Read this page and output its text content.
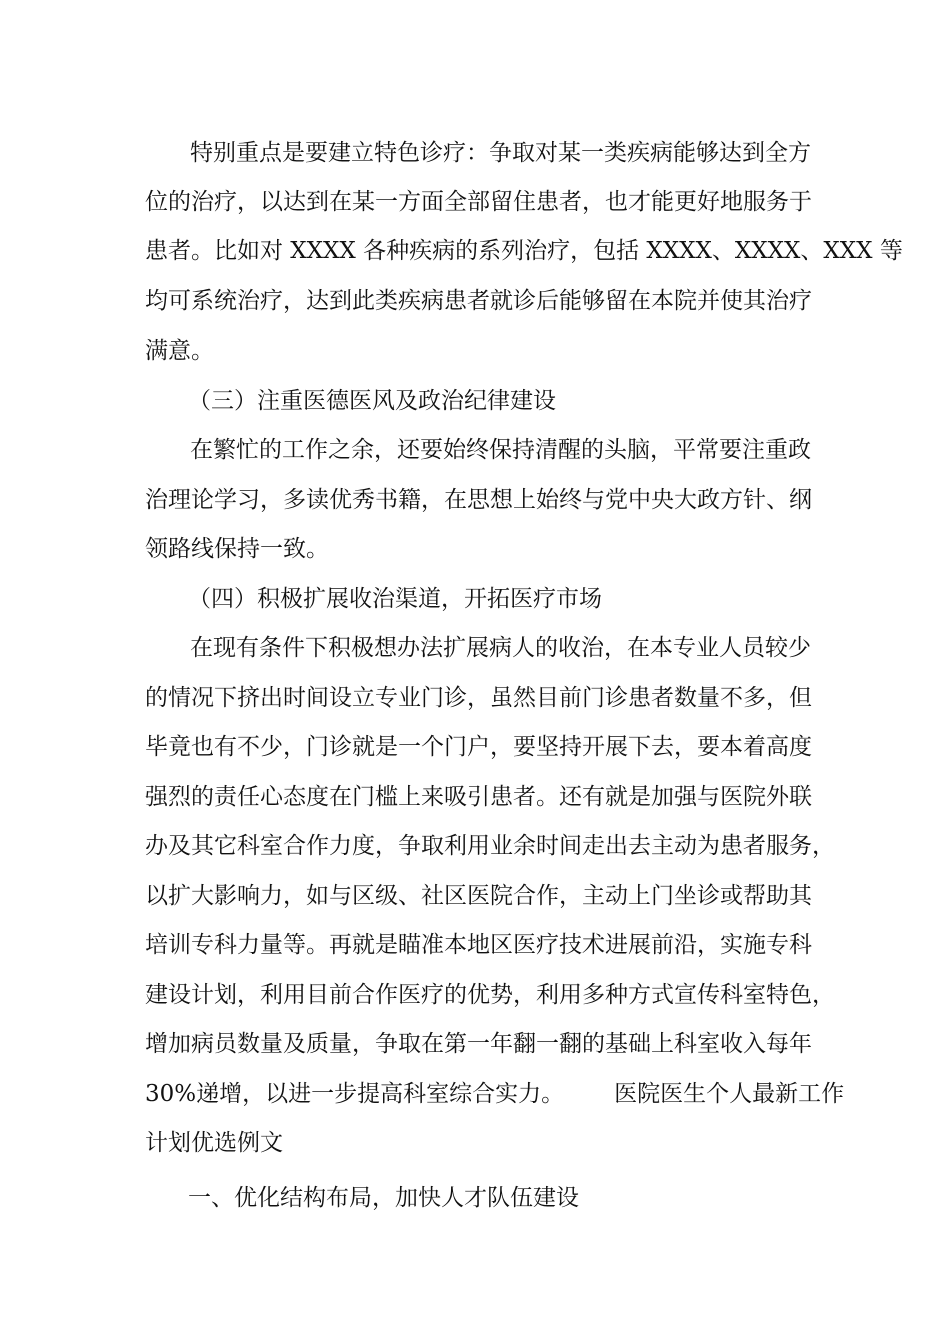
特别重点是要建立特色诊疗：争取对某一类疾病能够达到全方
位的治疗，以达到在某一方面全部留住患者，也才能更好地服务于
患者。比如对 XXXX 各种疾病的系列治疗，包括 XXXX、XXXX、XXX 等
均可系统治疗，达到此类疾病患者就诊后能够留在本院并使其治疗
满意。
（三）注重医德医风及政治纪律建设
在繁忙的工作之余，还要始终保持清醒的头脑，平常要注重政
治理论学习，多读优秀书籍，在思想上始终与党中央大政方针、纲
领路线保持一致。
（四）积极扩展收治渠道，开拓医疗市场
在现有条件下积极想办法扩展病人的收治，在本专业人员较少
的情况下挤出时间设立专业门诊，虽然目前门诊患者数量不多，但
毕竟也有不少，门诊就是一个门户，要坚持开展下去，要本着高度
强烈的责任心态度在门槛上来吸引患者。还有就是加强与医院外联
办及其它科室合作力度，争取利用业余时间走出去主动为患者服务，
以扩大影响力，如与区级、社区医院合作，主动上门坐诊或帮助其
培训专科力量等。再就是瞄准本地区医疗技术进展前沿，实施专科
建设计划，利用目前合作医疗的优势，利用多种方式宣传科室特色，
增加病员数量及质量，争取在第一年翻一翻的基础上科室收入每年
30%递增，以进一步提高科室综合实力。 医院医生个人最新工作
计划优选例文
一、优化结构布局，加快人才队伍建设
